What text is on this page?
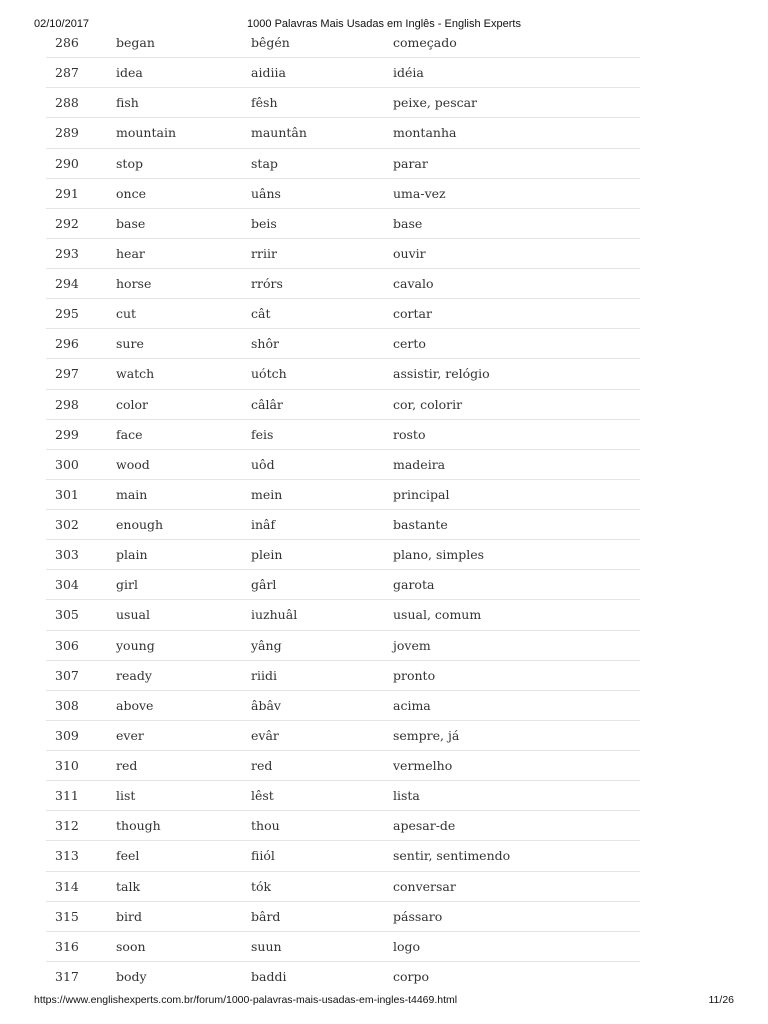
02/10/2017	1000 Palavras Mais Usadas em Inglês - English Experts
286	began	bêgén	começado
287	idea	aidiia	idéia
288	fish	fêsh	peixe, pescar
289	mountain	mauntân	montanha
290	stop	stap	parar
291	once	uâns	uma-vez
292	base	beis	base
293	hear	rriir	ouvir
294	horse	rrórs	cavalo
295	cut	cât	cortar
296	sure	shôr	certo
297	watch	uótch	assistir, relógio
298	color	câlâr	cor, colorir
299	face	feis	rosto
300	wood	uôd	madeira
301	main	mein	principal
302	enough	inâf	bastante
303	plain	plein	plano, simples
304	girl	gârl	garota
305	usual	iuzhuâl	usual, comum
306	young	yâng	jovem
307	ready	riidi	pronto
308	above	âbâv	acima
309	ever	evâr	sempre, já
310	red	red	vermelho
311	list	lêst	lista
312	though	thou	apesar-de
313	feel	fiiól	sentir, sentimendo
314	talk	tók	conversar
315	bird	bârd	pássaro
316	soon	suun	logo
317	body	baddi	corpo
https://www.englishexperts.com.br/forum/1000-palavras-mais-usadas-em-ingles-t4469.html	11/26
